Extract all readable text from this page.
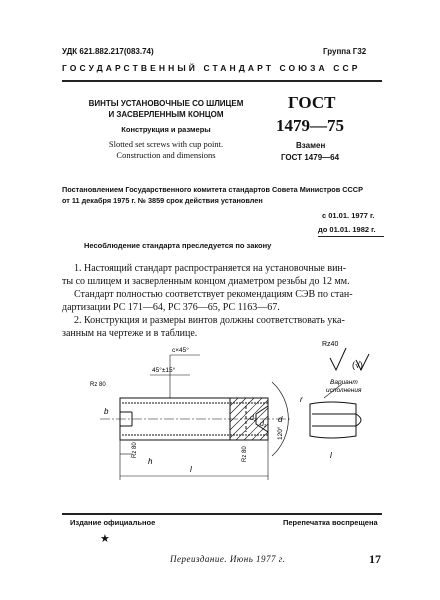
УДК 621.882.217(083.74)	Группа Г32
ГОСУДАРСТВЕННЫЙ СТАНДАРТ СОЮЗА ССР
ВИНТЫ УСТАНОВОЧНЫЕ СО ШЛИЦЕМ
И ЗАСВЕРЛЕННЫМ КОНЦОМ
Конструкция и размеры
Slotted set screws with cup point.
Construction and dimensions
ГОСТ
1479—75
Взамен
ГОСТ 1479—64
Постановлением Государственного комитета стандартов Совета Министров СССР
от 11 декабря 1975 г. № 3859 срок действия установлен
с 01.01. 1977 г.
до 01.01. 1982 г.
Несоблюдение стандарта преследуется по закону
1. Настоящий стандарт распространяется на установочные вин-
ты со шлицем и засверленным концом диаметром резьбы до 12 мм.
Стандарт полностью соответствует рекомендациям СЭВ по стан-
дартизации РС 171—64, РС 376—65, РС 1163—67.
2. Конструкция и размеры винтов должны соответствовать ука-
занным на чертеже и в таблице.
Rz40
(√)
Вариант
исполнения
c×45°
45°±15°
Rz 80
Rz 80	Rz 80
b
d
d₁
d₂
h
l
l
r
120°
Издание официальное	Перепечатка воспрещена
★
Переиздание. Июнь 1977 г.	17
